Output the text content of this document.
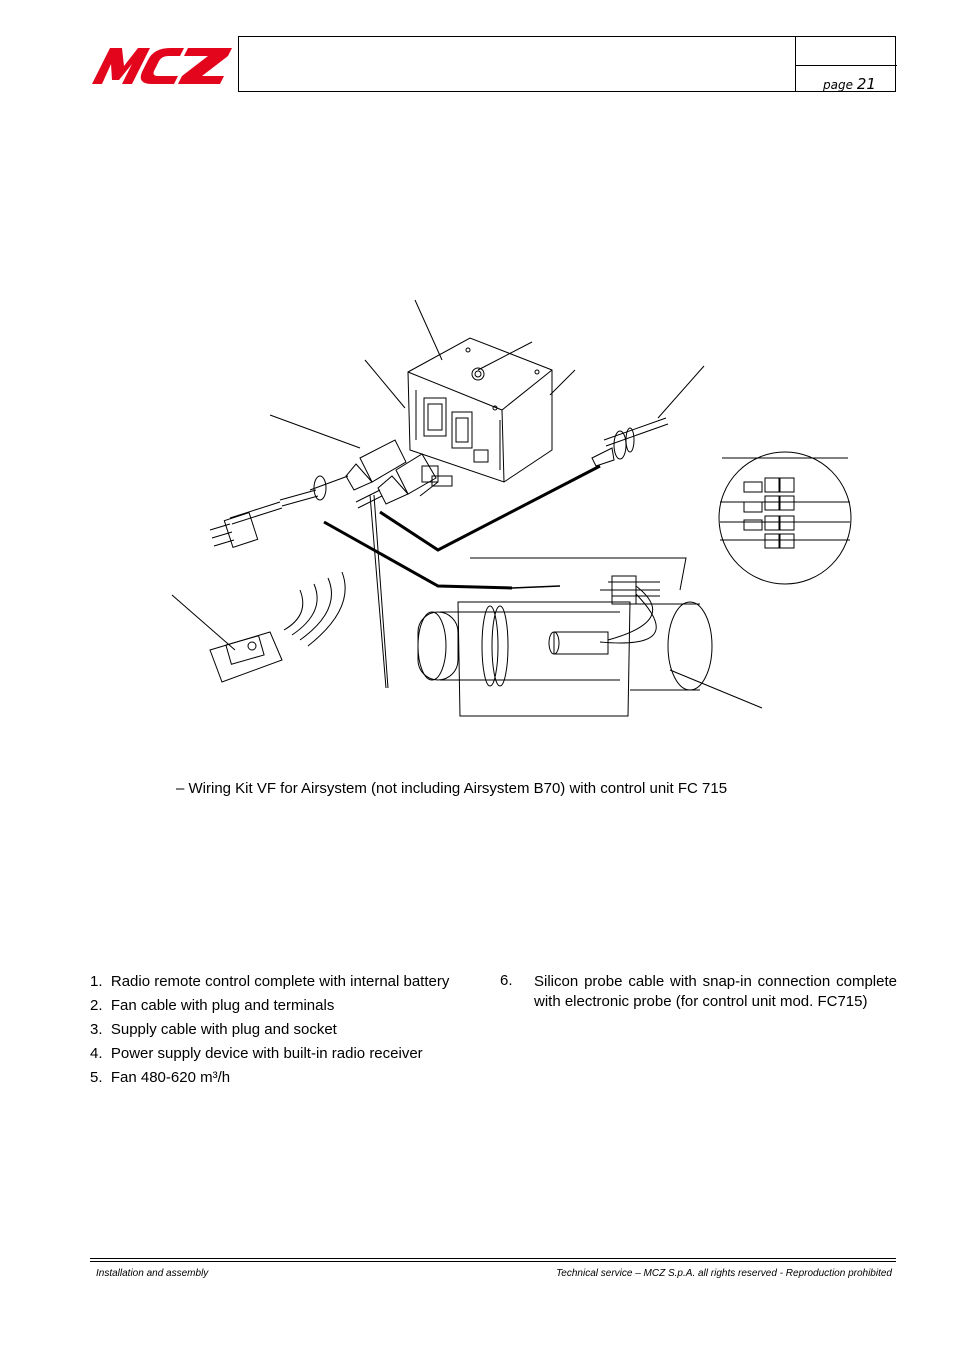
page 21
– Wiring Kit VF for Airsystem (not including Airsystem B70) with control unit FC 715
1. Radio remote control complete with internal battery
2. Fan cable with plug and terminals
3. Supply cable with plug and socket
4. Power supply device with built-in radio receiver
5. Fan 480-620 m³/h
6. Silicon probe cable with snap-in connection complete with electronic probe (for control unit mod. FC715)
Installation and assembly	Technical service – MCZ S.p.A. all rights reserved - Reproduction prohibited
